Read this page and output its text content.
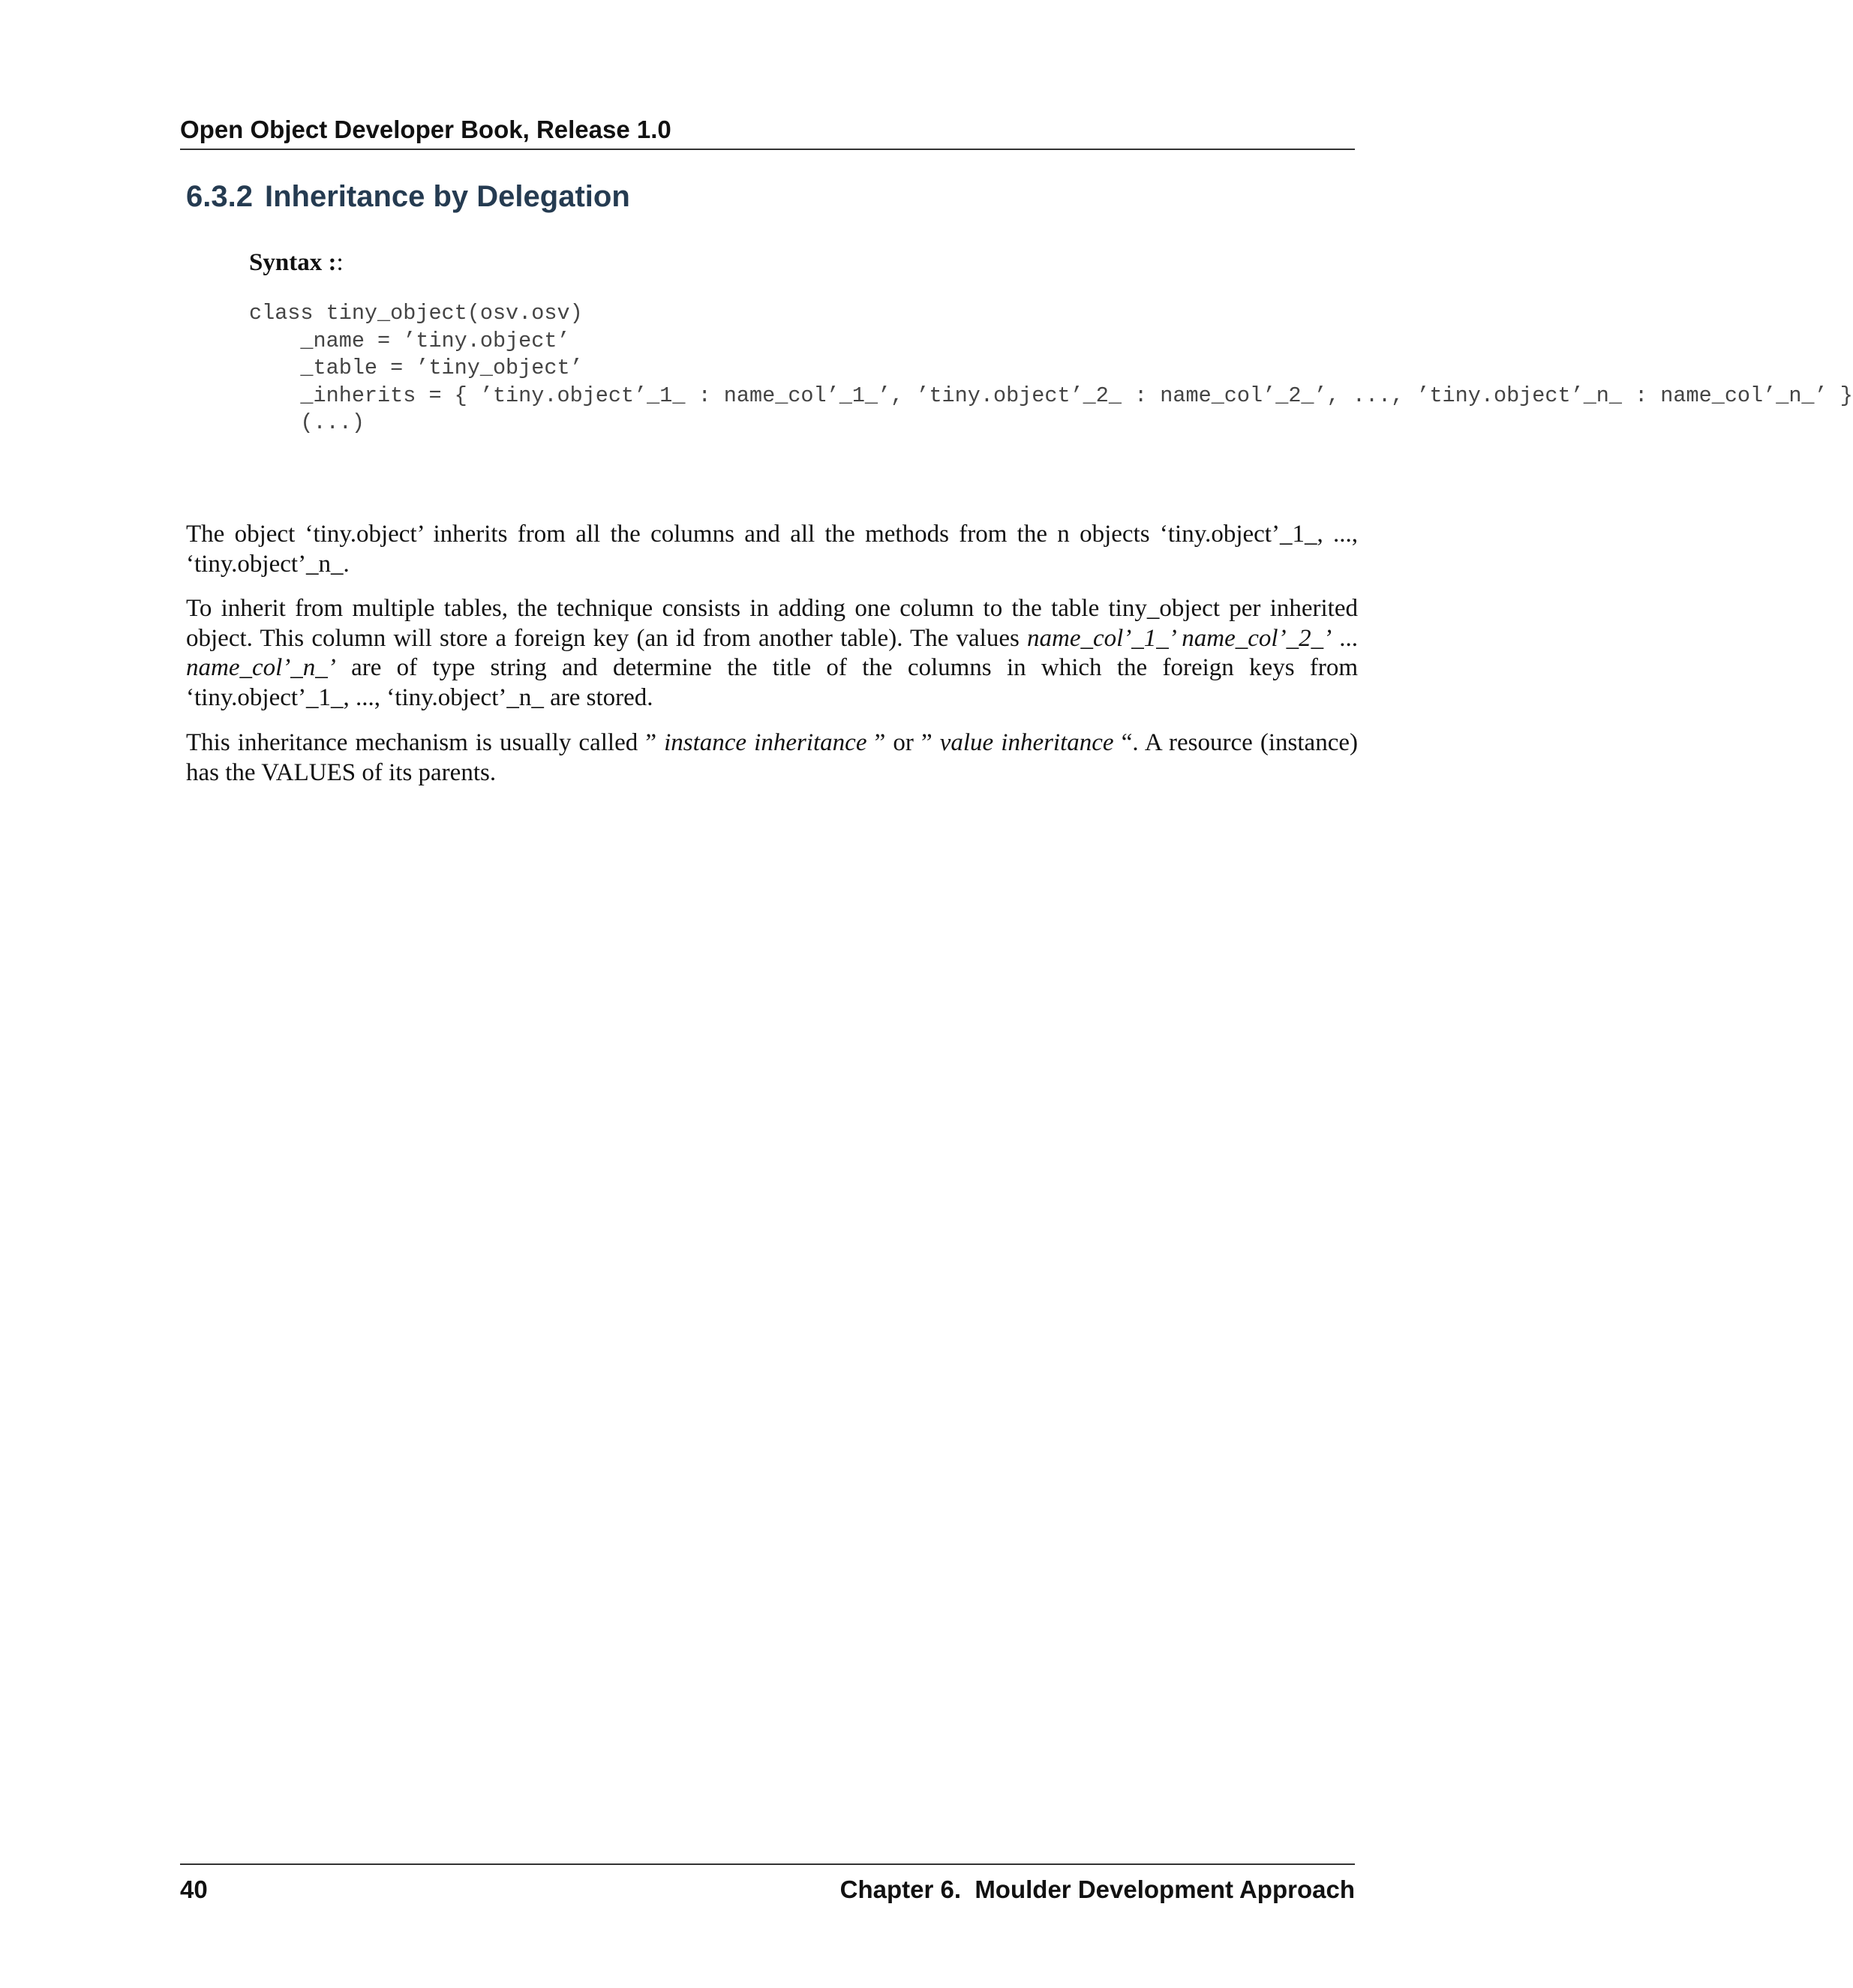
Open Object Developer Book, Release 1.0
6.3.2 Inheritance by Delegation
Syntax ::
class tiny_object(osv.osv)
_name = ’tiny.object’
_table = ’tiny_object’
_inherits = { ’tiny.object’_1_ : name_col’_1_’, ’tiny.object’_2_ : name_col’_2_’, ..., ’tiny.object’_n_ : name_col’_n_’ }
(...)

The object ‘tiny.object’ inherits from all the columns and all the methods from the n objects ‘tiny.object’_1_, ..., ‘tiny.object’_n_.

To inherit from multiple tables, the technique consists in adding one column to the table tiny_object per inherited object. This column will store a foreign key (an id from another table). The values name_col’_1_’ name_col’_2_’ ... name_col’_n_’ are of type string and determine the title of the columns in which the foreign keys from ‘tiny.object’_1_, ..., ‘tiny.object’_n_ are stored.

This inheritance mechanism is usually called ” instance inheritance ” or ” value inheritance “. A resource (instance) has the VALUES of its parents.

40	Chapter 6.  Moulder Development Approach
